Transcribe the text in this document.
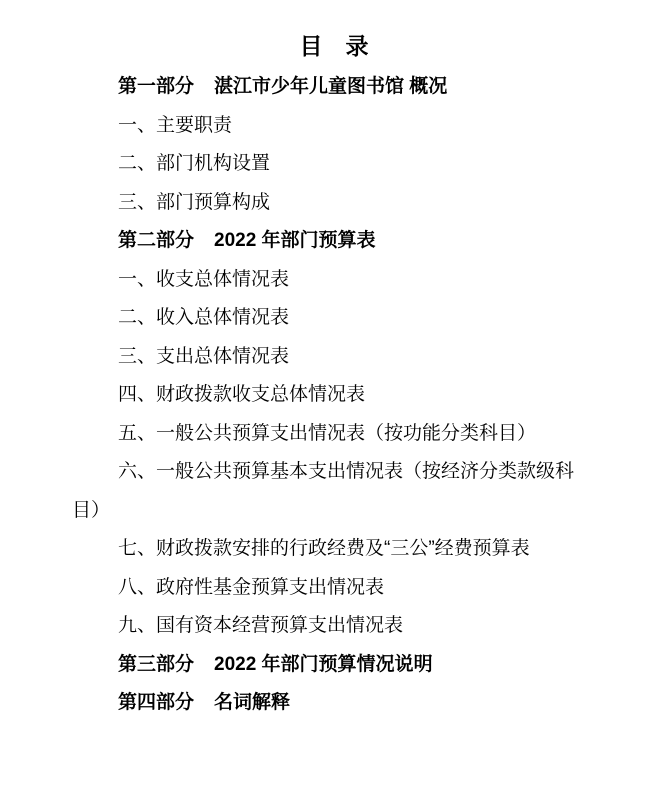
目　录
第一部分 湛江市少年儿童图书馆 概况
一、主要职责
二、部门机构设置
三、部门预算构成
第二部分 2022 年部门预算表
一、收支总体情况表
二、收入总体情况表
三、支出总体情况表
四、财政拨款收支总体情况表
五、一般公共预算支出情况表（按功能分类科目）
六、一般公共预算基本支出情况表（按经济分类款级科
目）
七、财政拨款安排的行政经费及“三公”经费预算表
八、政府性基金预算支出情况表
九、国有资本经营预算支出情况表
第三部分 2022 年部门预算情况说明
第四部分 名词解释
